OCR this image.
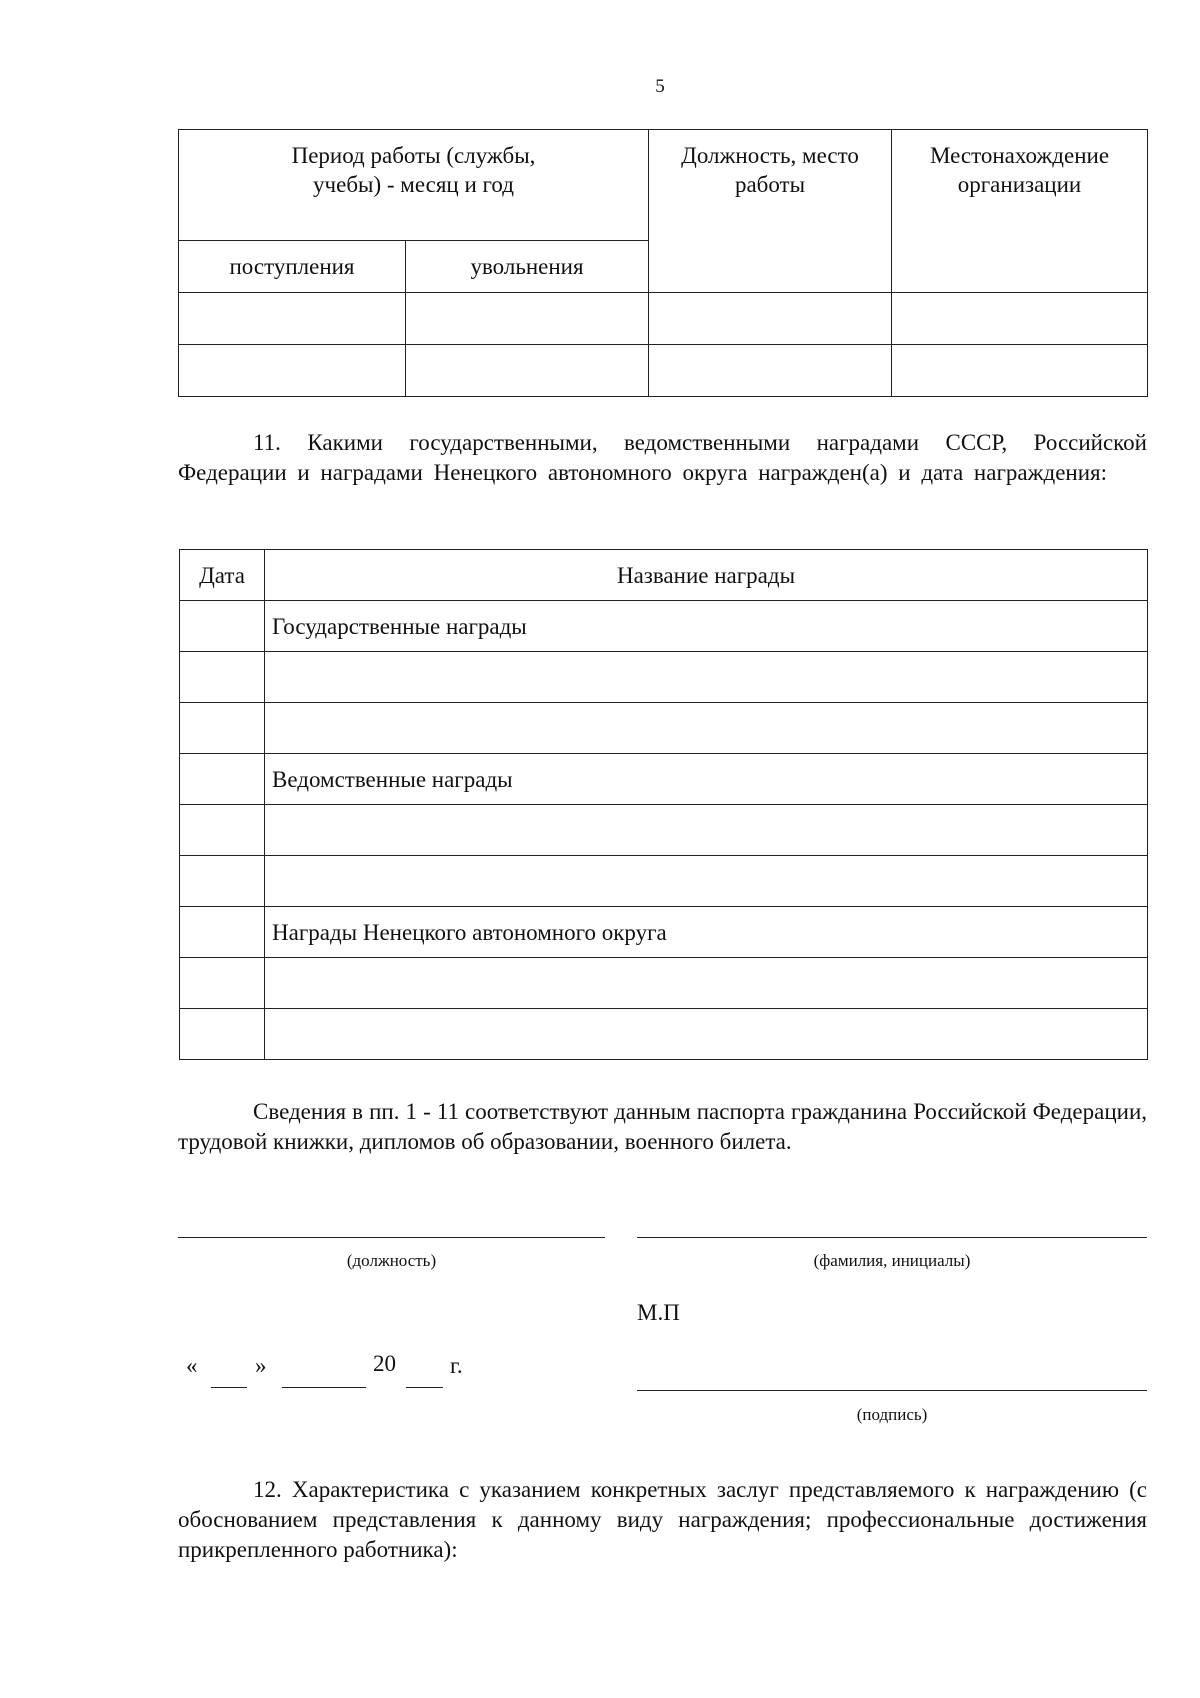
5
Период работы (службы, учебы) - месяц и год		Должность, место работы	Местонахождение организации

поступления	увольнения		

11. Какими государственными, ведомственными наградами СССР, Российской Федерации и наградами Ненецкого автономного округа награжден(а) и дата награждения:

Дата	Название награды
	Государственные награды

	Ведомственные награды

	Награды Ненецкого автономного округа

Сведения в пп. 1 - 11 соответствуют данным паспорта гражданина Российской Федерации, трудовой книжки, дипломов об образовании, военного билета.

(должность)	(фамилия, инициалы)
М.П
«	»	20 г.
(подпись)

12. Характеристика с указанием конкретных заслуг представляемого к награждению (с обоснованием представления к данному виду награждения; профессиональные достижения прикрепленного работника):
